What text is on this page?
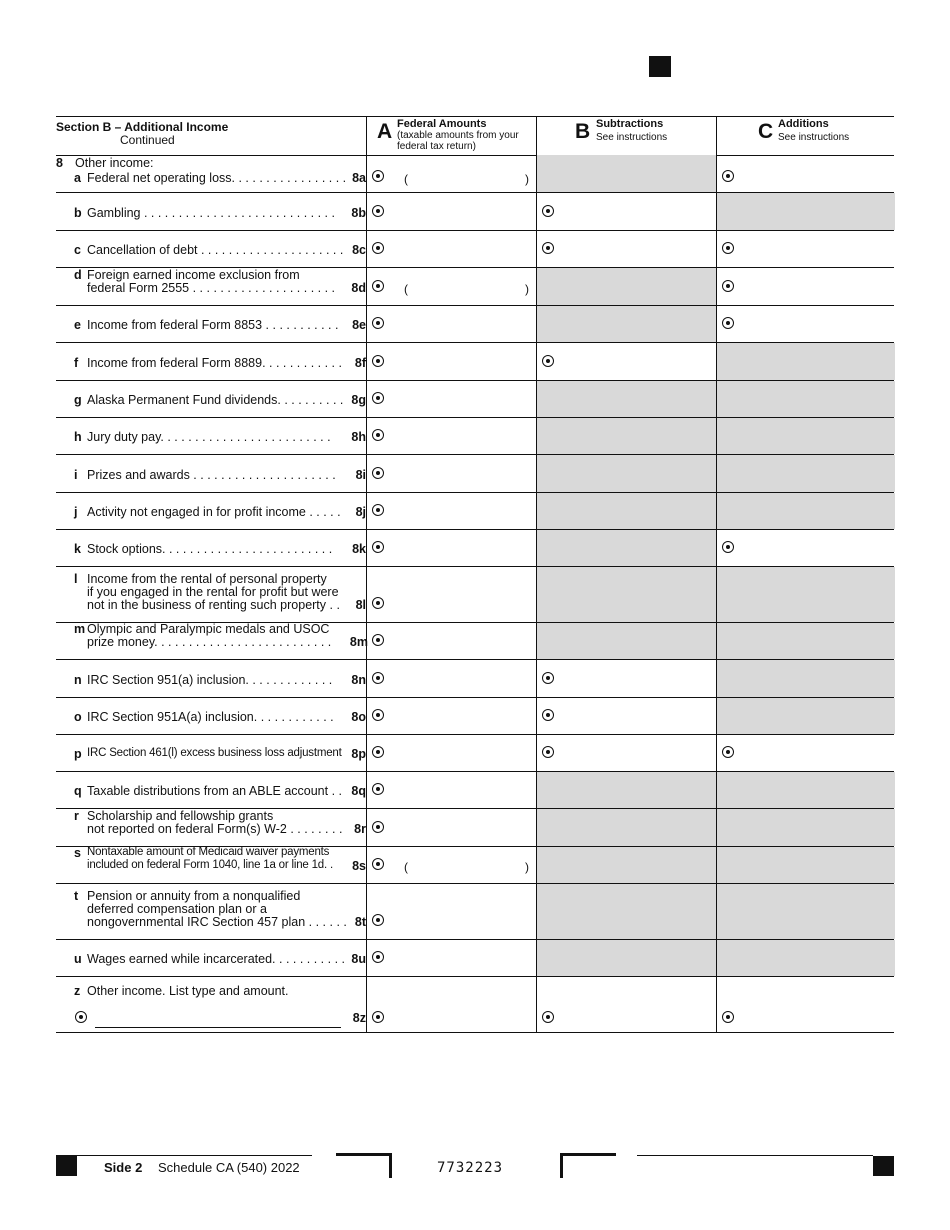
Section B – Additional Income
Continued	A Federal Amounts
(taxable amounts from your
federal tax return)
B Subtractions
See instructions	C Additions
See instructions
8 Other income:
a Federal net operating loss. . . . . . . . . . . . . . . . . 8a	(	)
b Gambling . . . . . . . . . . . . . . . . . . . . . . . . . . . .	8b
c Cancellation of debt . . . . . . . . . . . . . . . . . . . . . 8c
d Foreign earned income exclusion from
federal Form 2555 . . . . . . . . . . . . . . . . . . . . .	8d	(	)
e Income from federal Form 8853 . . . . . . . . . . .	8e
f Income from federal Form 8889. . . . . . . . . . . .	8f
g Alaska Permanent Fund dividends. . . . . . . . . . 8g
h Jury duty pay. . . . . . . . . . . . . . . . . . . . . . . . .	8h
i Prizes and awards . . . . . . . . . . . . . . . . . . . . .	8i
j Activity not engaged in for profit income . . . . .	8j
k Stock options. . . . . . . . . . . . . . . . . . . . . . . . .	8k
l Income from the rental of personal property
if you engaged in the rental for profit but were
not in the business of renting such property . .	8l
m Olympic and Paralympic medals and USOC
prize money. . . . . . . . . . . . . . . . . . . . . . . . . . 8m
n IRC Section 951(a) inclusion. . . . . . . . . . . . .	8n
o IRC Section 951A(a) inclusion. . . . . . . . . . . .	8o
p IRC Section 461(l) excess business loss adjustment 8p
q Taxable distributions from an ABLE account . . 8q
r Scholarship and fellowship grants
not reported on federal Form(s) W-2 . . . . . . . . 8r
s Nontaxable amount of Medicaid waiver payments
included on federal Form 1040, line 1a or line 1d. .	8s	(	)
t Pension or annuity from a nonqualified
deferred compensation plan or a
nongovernmental IRC Section 457 plan . . . . . . 8t
u Wages earned while incarcerated. . . . . . . . . . . 8u
z Other income. List type and amount.
8z
Side 2 Schedule CA (540) 2022	7732223
